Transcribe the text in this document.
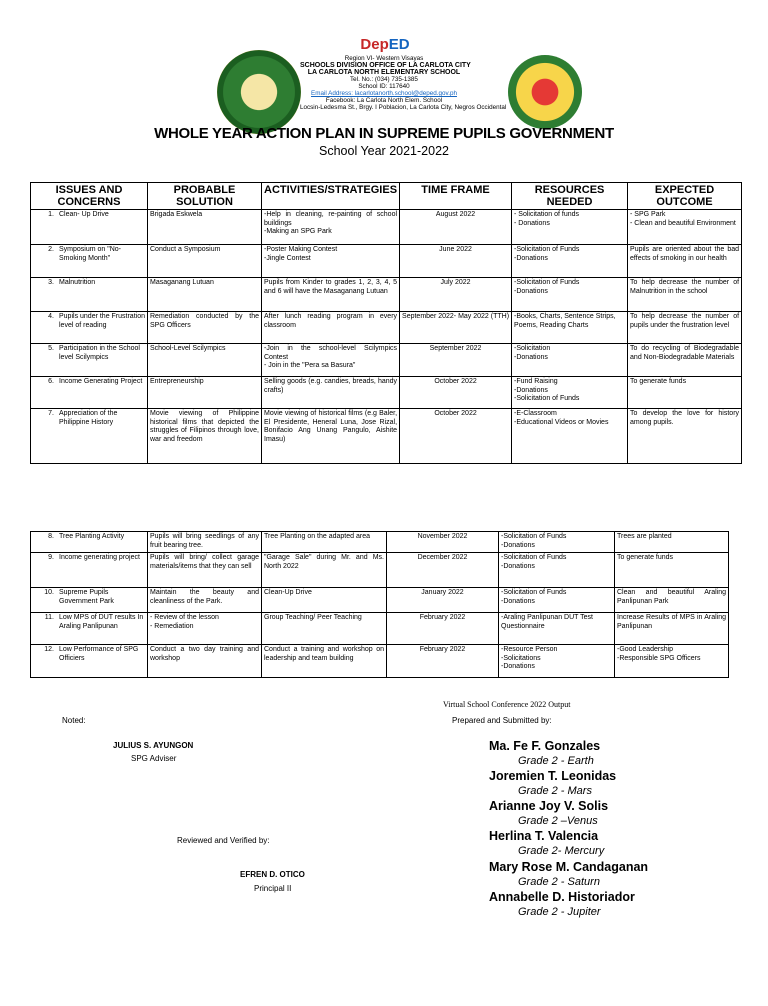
DepED
Region VI- Western Visayas
SCHOOLS DIVISION OFFICE OF LA CARLOTA CITY
LA CARLOTA NORTH ELEMENTARY SCHOOL
Tel. No.: (034) 735-1385
School ID: 117640
Email Address: lacarlotanorth.school@deped.gov.ph
Facebook: La Carlota North Elem. School
Locsin-Ledesma St., Brgy. I Poblacion, La Carlota City, Negros Occidental
WHOLE YEAR ACTION PLAN IN SUPREME PUPILS GOVERNMENT
School Year 2021-2022
ISSUES AND CONCERNS	PROBABLE SOLUTION	ACTIVITIES/STRATEGIES	TIME FRAME	RESOURCES NEEDED	EXPECTED OUTCOME

1. Clean- Up Drive	Brigada Eskwela	-Help in cleaning, re-painting of school buildings
-Making an SPG Park	August 2022	- Solicitation of funds
- Donations	- SPG Park
- Clean and beautiful Environment

2. Symposium on "No-Smoking Month"	Conduct a Symposium	-Poster Making Contest
-Jingle Contest	June 2022	-Solicitation of Funds
-Donations	Pupils are oriented about the bad effects of smoking in our health

3. Malnutrition	Masaganang Lutuan	Pupils from Kinder to grades 1, 2, 3, 4, 5 and 6 will have the Masaganang Lutuan	July 2022	-Solicitation of Funds
-Donations	To help decrease the number of Malnutrition in the school

4. Pupils under the Frustration level of reading	Remediation conducted by the SPG Officers	After lunch reading program in every classroom	September 2022- May 2022 (TTH)	-Books, Charts, Sentence Strips, Poems, Reading Charts	To help decrease the number of pupils under the frustration level

5. Participation in the School level Scilympics	School-Level Scilympics	-Join in the school-level Scilympics Contest
- Join in the "Pera sa Basura"	September 2022	-Solicitation
-Donations	To do recycling of Biodegradable and Non-Biodegradable Materials

6. Income Generating Project	Entrepreneurship	Selling goods (e.g. candies, breads, handy crafts)	October 2022	-Fund Raising
-Donations
-Solicitation of Funds	To generate funds

7. Appreciation of the Philippine History	Movie viewing of Philippine historical films that depicted the struggles of Filipinos through love, war and freedom	Movie viewing of historical films (e.g Baler, El Presidente, Heneral Luna, Jose Rizal, Bonifacio Ang Unang Pangulo, Aishite Imasu)	October 2022	-E-Classroom
-Educational Videos or Movies	To develop the love for history among pupils.
8. Tree Planting Activity	Pupils will bring seedlings of any fruit bearing tree.	Tree Planting on the adapted area	November 2022	-Solicitation of Funds
-Donations	Trees are planted

9. Income generating project	Pupils will bring/ collect garage materials/items that they can sell	"Garage Sale" during Mr. and Ms. North 2022	December 2022	-Solicitation of Funds
-Donations	To generate funds

10. Supreme Pupils Government Park	Maintain the beauty and cleanliness of the Park.	Clean-Up Drive	January 2022	-Solicitation of Funds
-Donations	Clean and beautiful Araling Panlipunan Park

11. Low MPS of DUT results In Araling Panlipunan	- Review of the lesson
- Remediation	Group Teaching/ Peer Teaching	February 2022	-Araling Panlipunan DUT Test Questionnaire	Increase Results of MPS in Araling Panlipunan

12. Low Performance of SPG Officiers	Conduct a two day training and workshop	Conduct a training and workshop on leadership and team building	February 2022	-Resource Person
-Solicitations
-Donations	-Good Leadership
-Responsible SPG Officers
Virtual School Conference 2022 Output
Noted:	Prepared and Submitted by:
JULIUS S. AYUNGON
SPG Adviser
Reviewed and Verified by:
EFREN D. OTICO
Principal II
Ma. Fe F. Gonzales
Grade 2 - Earth
Joremien T. Leonidas
Grade 2 - Mars
Arianne Joy V. Solis
Grade 2 –Venus
Herlina T. Valencia
Grade 2- Mercury
Mary Rose M. Candaganan
Grade 2 - Saturn
Annabelle D. Historiador
Grade 2 - Jupiter
